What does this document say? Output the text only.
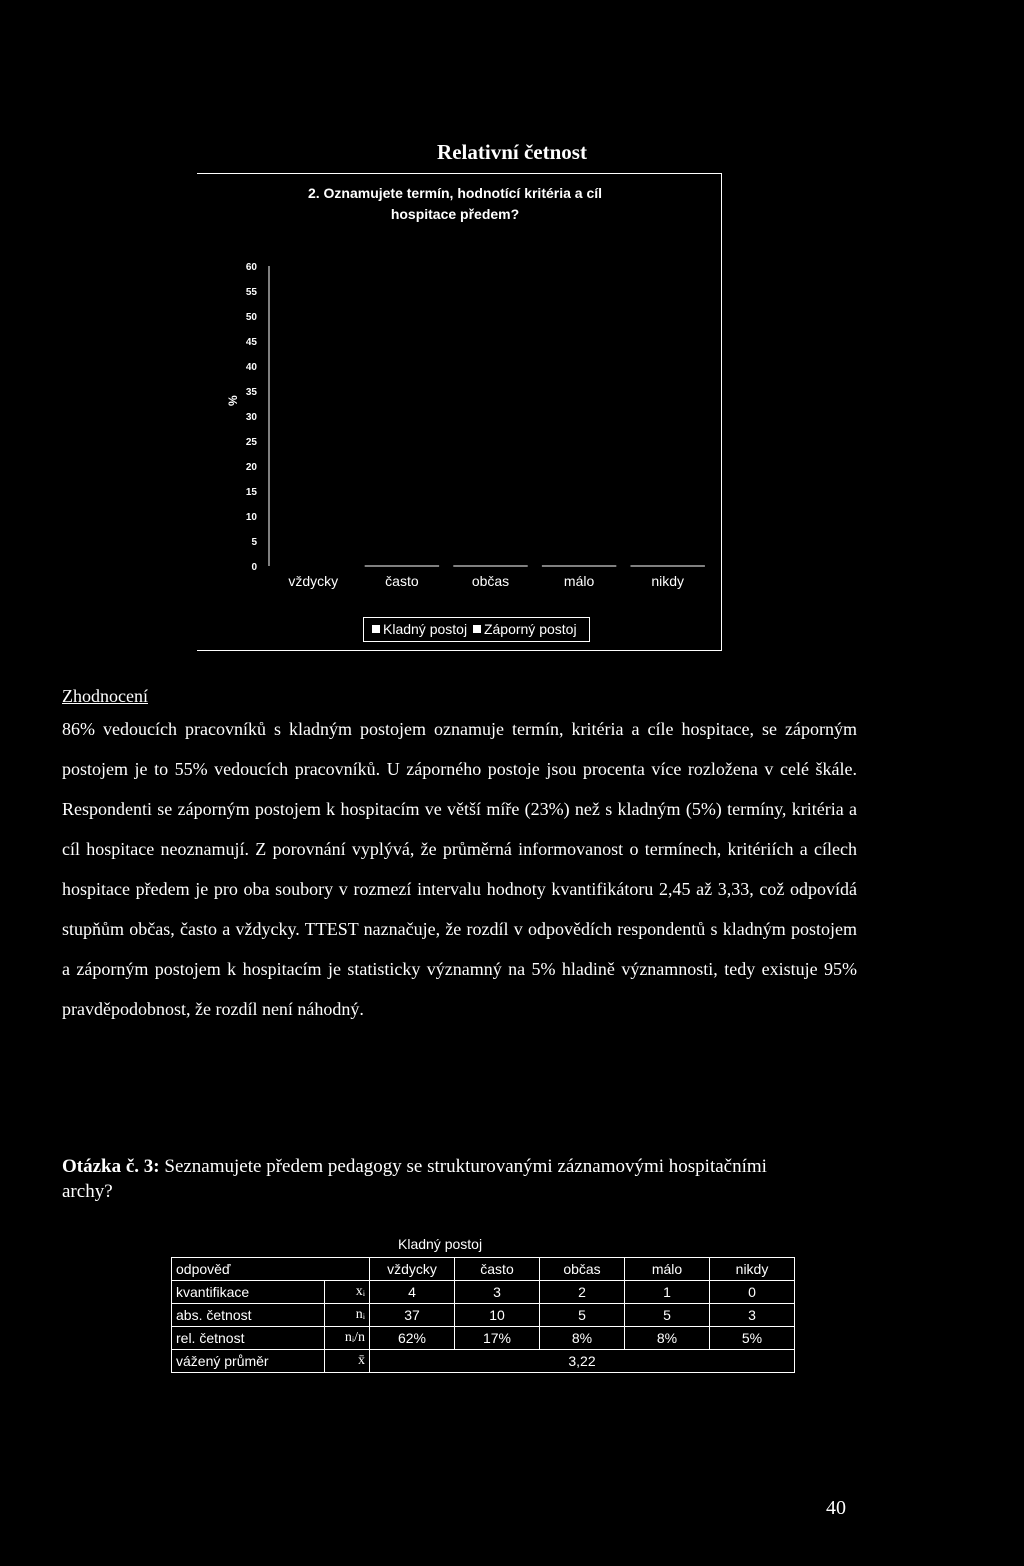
Relativní četnost
0
5
10
15
20
25
30
35
40
45
50
55
60
%
vždycky	často	občas	málo	nikdy
2. Oznamujete termín, hodnotící kritéria a cíl
hospitace předem?
Kladný postoj Záporný postoj
Zhodnocení
86% vedoucích pracovníků s kladným postojem oznamuje termín, kritéria a cíle hospitace, se záporným postojem je to 55% vedoucích pracovníků. U záporného postoje jsou procenta více rozložena v celé škále. Respondenti se záporným postojem k hospitacím ve větší míře (23%) než s kladným (5%) termíny, kritéria a cíl hospitace neoznamují. Z porovnání vyplývá, že průměrná informovanost o termínech, kritériích a cílech hospitace předem je pro oba soubory v rozmezí intervalu hodnoty kvantifikátoru 2,45 až 3,33, což odpovídá stupňům občas, často a vždycky. TTEST naznačuje, že rozdíl v odpovědích respondentů s kladným postojem a záporným postojem k hospitacím je statisticky významný na 5% hladině významnosti, tedy existuje 95% pravděpodobnost, že rozdíl není náhodný.
Otázka č. 3: Seznamujete předem pedagogy se strukturovanými záznamovými hospitačními archy?
Kladný postoj
odpověď		vždycky	často	občas	málo	nikdy
kvantifikace	xᵢ	4	3	2	1	0
abs. četnost	nᵢ	37	10	5	5	3
rel. četnost	nᵢ/n	62%	17%	8%	8%	5%
vážený průměr	x̄	3,22				
40
